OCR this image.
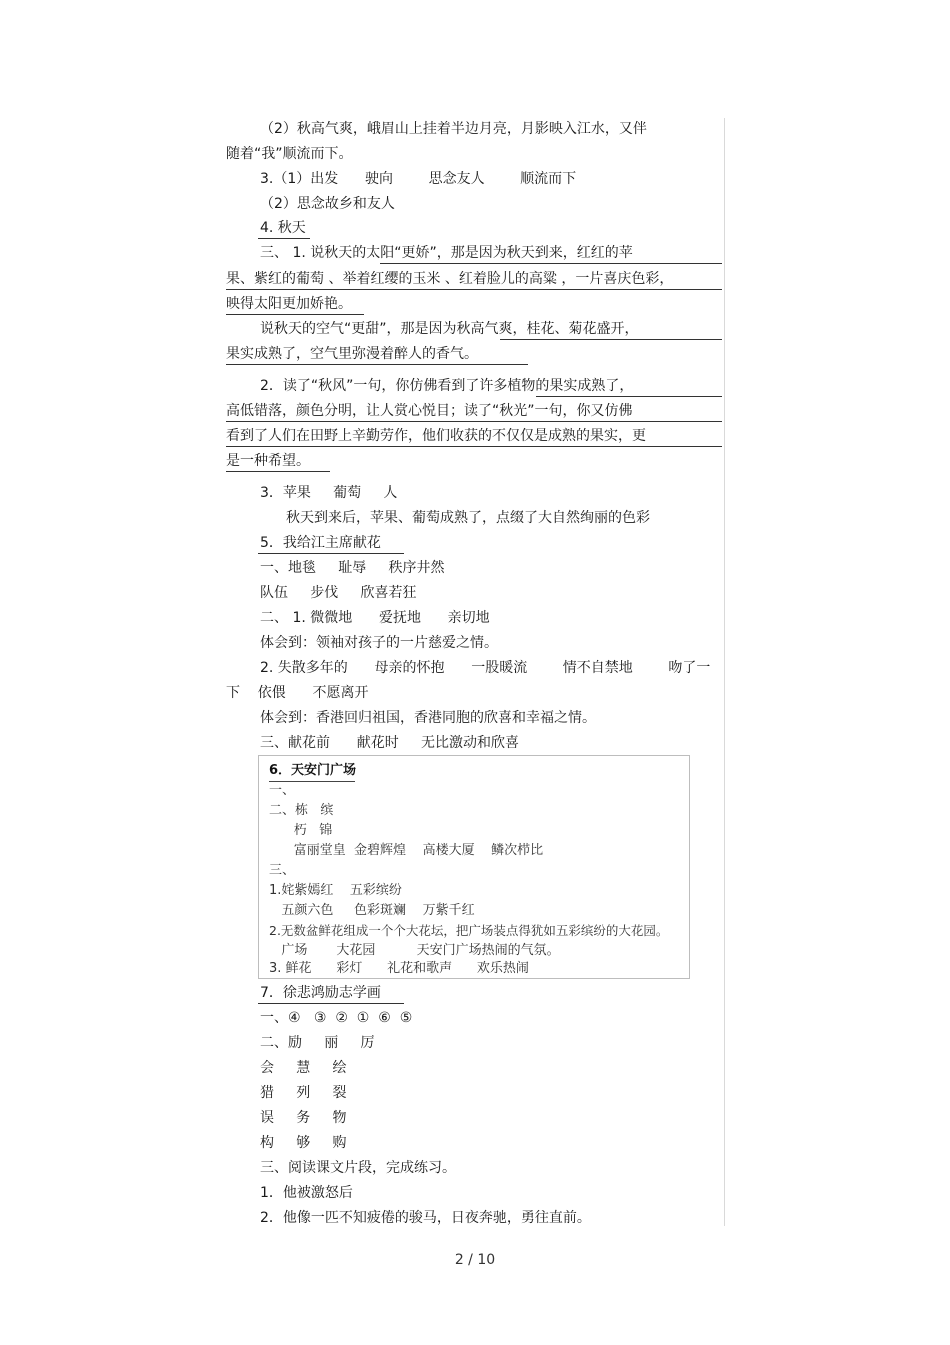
（2）秋高气爽，峨眉山上挂着半边月亮，月影映入江水，又伴
随着“我”顺流而下。
3.（1）出发      驶向        思念友人        顺流而下
（2）思念故乡和友人
4. 秋天
三、 1. 说秋天的太阳“更娇”，那是因为秋天到来，红红的苹
果、紫红的葡萄 、举着红缨的玉米 、红着脸儿的高粱 ，一片喜庆色彩，
映得太阳更加娇艳。
说秋天的空气“更甜”，那是因为秋高气爽，桂花、菊花盛开，
果实成熟了，空气里弥漫着醉人的香气。
2．读了“秋风”一句，你仿佛看到了许多植物的果实成熟了，
高低错落，颜色分明，让人赏心悦目；读了“秋光”一句，你又仿佛
看到了人们在田野上辛勤劳作，他们收获的不仅仅是成熟的果实，更
是一种希望。
3．苹果     葡萄     人
秋天到来后，苹果、葡萄成熟了，点缀了大自然绚丽的色彩
5．我给江主席献花
一、地毯     耻辱     秩序井然
队伍     步伐     欣喜若狂
二、 1. 微微地      爱抚地      亲切地
体会到：领袖对孩子的一片慈爱之情。
2. 失散多年的      母亲的怀抱      一股暖流        情不自禁地        吻了一
下    依偎      不愿离开
体会到：香港回归祖国，香港同胞的欣喜和幸福之情。
三、献花前      献花时     无比激动和欣喜
6．天安门广场
一、
二、栋   缤
朽   锦
富丽堂皇  金碧辉煌    高楼大厦    鳞次栉比
三、
1.姹紫嫣红    五彩缤纷
五颜六色     色彩斑斓    万紫千红
2.无数盆鲜花组成一个个大花坛，把广场装点得犹如五彩缤纷的大花园。
广场       大花园          天安门广场热闹的气氛。
3. 鲜花      彩灯      礼花和歌声      欢乐热闹
7．徐悲鸿励志学画
一、④   ③  ②  ①  ⑥  ⑤
二、励     丽     厉
会     慧     绘
猎     列     裂
误     务     物
构     够     购
三、阅读课文片段，完成练习。
1．他被激怒后
2．他像一匹不知疲倦的骏马，日夜奔驰，勇往直前。
2 / 10
